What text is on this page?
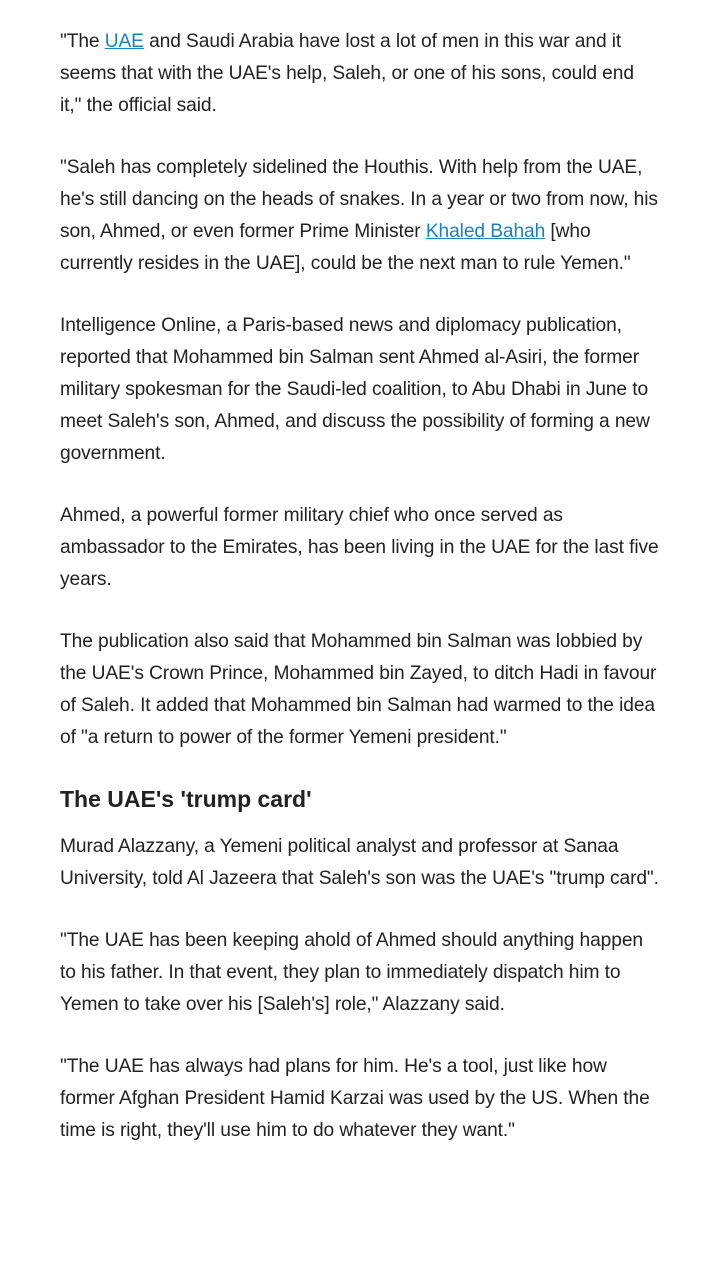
"The UAE and Saudi Arabia have lost a lot of men in this war and it seems that with the UAE's help, Saleh, or one of his sons, could end it," the official said.

"Saleh has completely sidelined the Houthis. With help from the UAE, he's still dancing on the heads of snakes. In a year or two from now, his son, Ahmed, or even former Prime Minister Khaled Bahah [who currently resides in the UAE], could be the next man to rule Yemen."

Intelligence Online, a Paris-based news and diplomacy publication, reported that Mohammed bin Salman sent Ahmed al-Asiri, the former military spokesman for the Saudi-led coalition, to Abu Dhabi in June to meet Saleh's son, Ahmed, and discuss the possibility of forming a new government.

Ahmed, a powerful former military chief who once served as ambassador to the Emirates, has been living in the UAE for the last five years.

The publication also said that Mohammed bin Salman was lobbied by the UAE's Crown Prince, Mohammed bin Zayed, to ditch Hadi in favour of Saleh. It added that Mohammed bin Salman had warmed to the idea of "a return to power of the former Yemeni president."

The UAE's 'trump card'

Murad Alazzany, a Yemeni political analyst and professor at Sanaa University, told Al Jazeera that Saleh's son was the UAE's "trump card".

"The UAE has been keeping ahold of Ahmed should anything happen to his father. In that event, they plan to immediately dispatch him to Yemen to take over his [Saleh's] role," Alazzany said.

"The UAE has always had plans for him. He's a tool, just like how former Afghan President Hamid Karzai was used by the US. When the time is right, they'll use him to do whatever they want."
